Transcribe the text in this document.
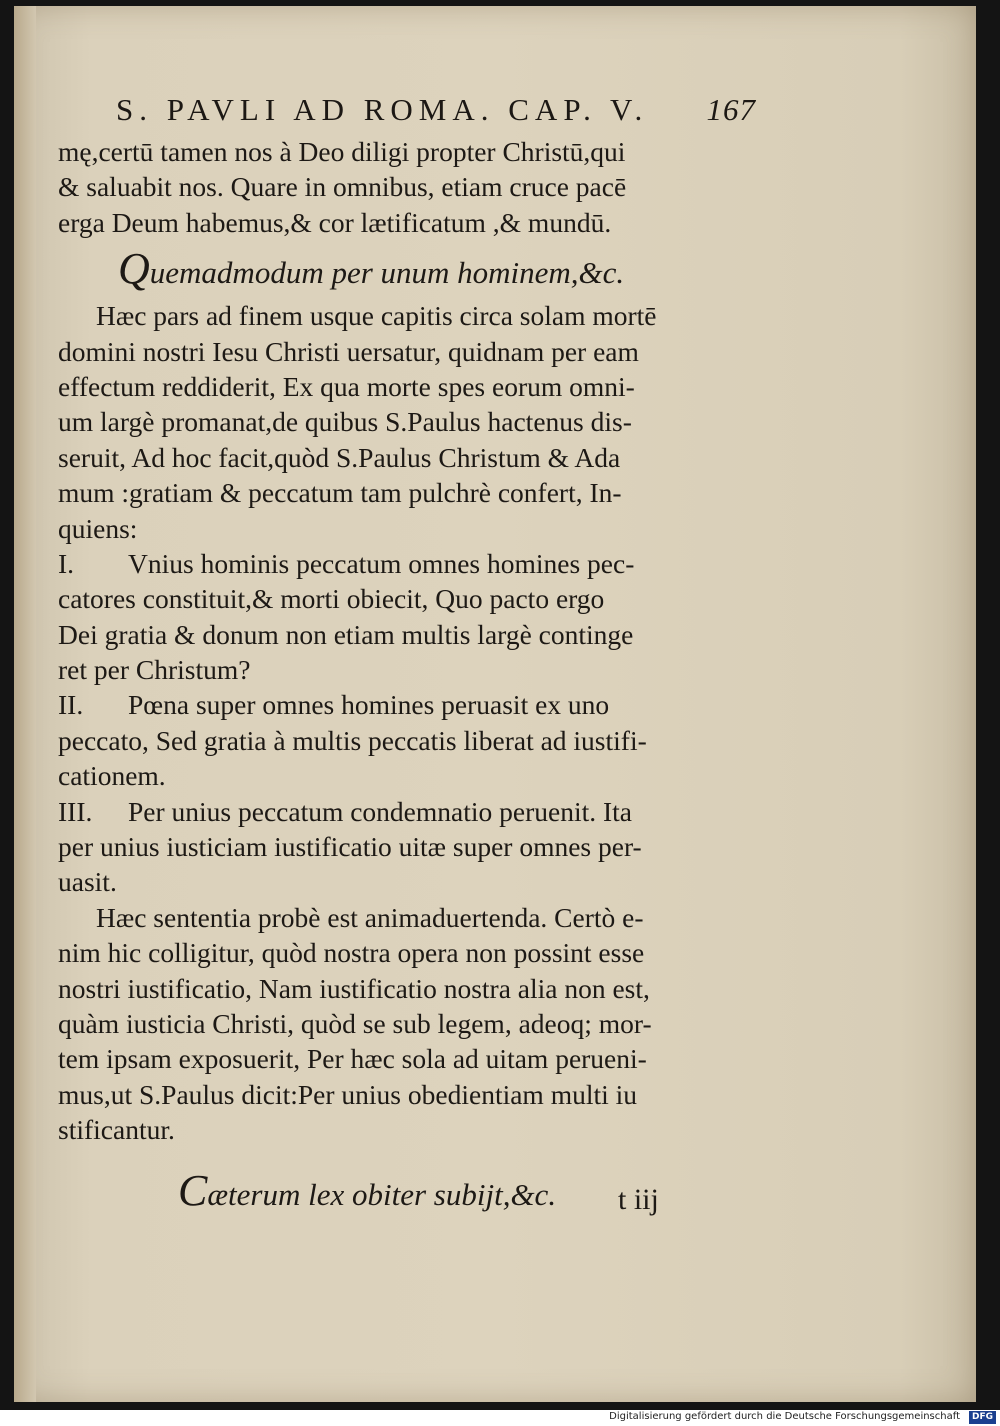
S. PAVLI AD ROMA. CAP. V. 167
mę,certū tamen nos à Deo diligi propter Christū,qui
& saluabit nos. Quare in omnibus, etiam cruce pacē
erga Deum habemus,& cor lætificatum ,& mundū.
Quemadmodum per unum hominem,&c.
Hæc pars ad finem usque capitis circa solam mortē
domini nostri Iesu Christi uersatur, quidnam per eam
effectum reddiderit, Ex qua morte spes eorum omni-
um largè promanat,de quibus S.Paulus hactenus dis-
seruit, Ad hoc facit,quòd S.Paulus Christum & Ada
mum :gratiam & peccatum tam pulchrè confert, In-
quiens:
I. Vnius hominis peccatum omnes homines pec-
catores constituit,& morti obiecit, Quo pacto ergo
Dei gratia & donum non etiam multis largè continge
ret per Christum?
II. Pœna super omnes homines peruasit ex uno
peccato, Sed gratia à multis peccatis liberat ad iustifi-
cationem.
III. Per unius peccatum condemnatio peruenit. Ita
per unius iusticiam iustificatio uitæ super omnes per-
uasit.
Hæc sententia probè est animaduertenda. Certò e-
nim hic colligitur, quòd nostra opera non possint esse
nostri iustificatio, Nam iustificatio nostra alia non est,
quàm iusticia Christi, quòd se sub legem, adeoq; mor-
tem ipsam exposuerit, Per hæc sola ad uitam perueni-
mus,ut S.Paulus dicit:Per unius obedientiam multi iu
stificantur.
Cæterum lex obiter subijt,&c.	t iij
Digitalisierung gefördert durch die Deutsche Forschungsgemeinschaft	DFG
